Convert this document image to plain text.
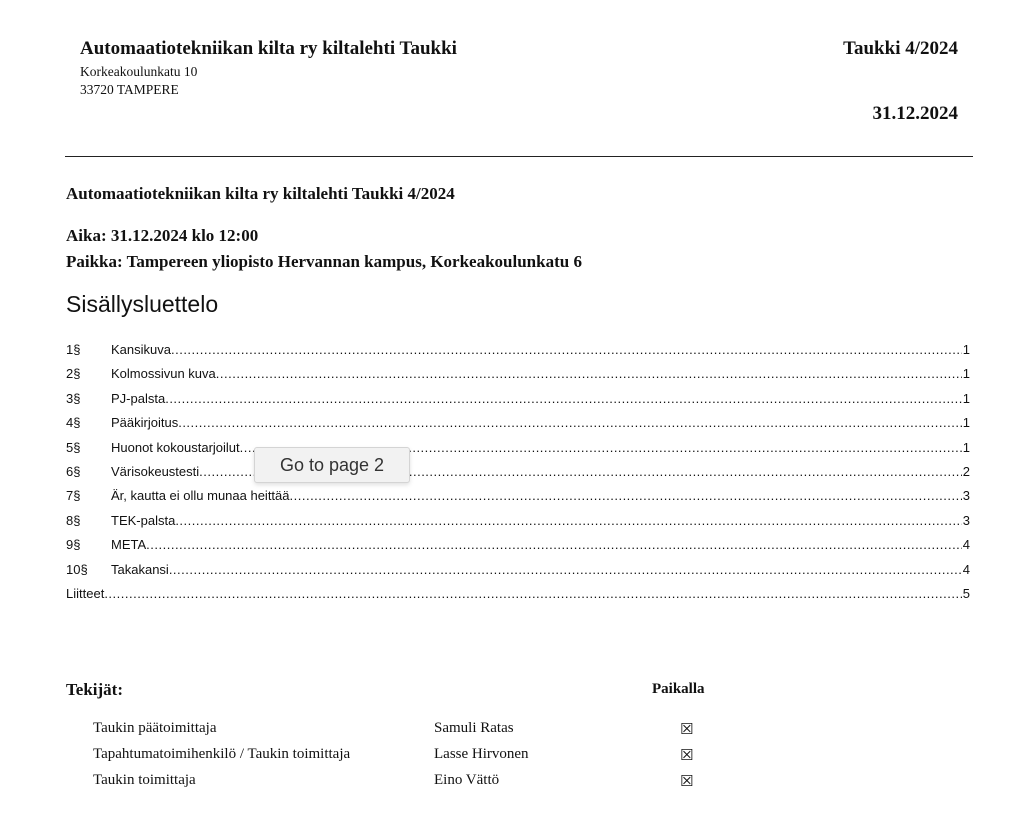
Automaatiotekniikan kilta ry kiltalehti Taukki
Korkeakoulunkatu 10
33720 TAMPERE
Taukki 4/2024
31.12.2024
Automaatiotekniikan kilta ry kiltalehti Taukki 4/2024
Aika: 31.12.2024 klo 12:00
Paikka: Tampereen yliopisto Hervannan kampus, Korkeakoulunkatu 6
Sisällysluettelo
1§	Kansikuva .....	1
2§	Kolmossivun kuva .....	1
3§	PJ-palsta .....	1
4§	Pääkirjoitus .....	1
5§	Huonot kokoustarjoilut .....	1
6§	Värisokeustesti .....	2
7§	Är, kautta ei ollu munaa heittää .....	3
8§	TEK-palsta .....	3
9§	META .....	4
10§	Takakansi .....	4
Liitteet .....	5
Go to page 2
Tekijät:	Paikalla
Taukin päätoimittaja	Samuli Ratas	☒
Tapahtumatoimihenkilö / Taukin toimittaja	Lasse Hirvonen	☒
Taukin toimittaja	Eino Vättö	☒
